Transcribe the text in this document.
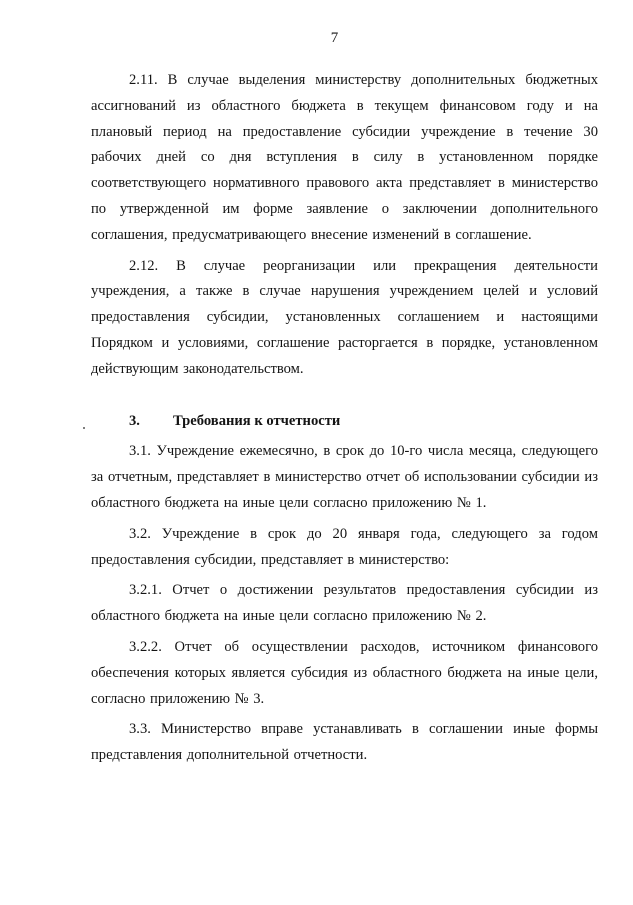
7

2.11. В случае выделения министерству дополнительных бюджетных ассигнований из областного бюджета в текущем финансовом году и на плановый период на предоставление субсидии учреждение в течение 30 рабочих дней со дня вступления в силу в установленном порядке соответствующего нормативного правового акта представляет в министерство по утвержденной им форме заявление о заключении дополнительного соглашения, предусматривающего внесение изменений в соглашение.

2.12. В случае реорганизации или прекращения деятельности учреждения, а также в случае нарушения учреждением целей и условий предоставления субсидии, установленных соглашением и настоящими Порядком и условиями, соглашение расторгается в порядке, установленном действующим законодательством.

3.	Требования к отчетности

3.1. Учреждение ежемесячно, в срок до 10-го числа месяца, следующего за отчетным, представляет в министерство отчет об использовании субсидии из областного бюджета на иные цели согласно приложению № 1.

3.2. Учреждение в срок до 20 января года, следующего за годом предоставления субсидии, представляет в министерство:

3.2.1. Отчет о достижении результатов предоставления субсидии из областного бюджета на иные цели согласно приложению № 2.

3.2.2. Отчет об осуществлении расходов, источником финансового обеспечения которых является субсидия из областного бюджета на иные цели, согласно приложению № 3.

3.3. Министерство вправе устанавливать в соглашении иные формы представления дополнительной отчетности.
